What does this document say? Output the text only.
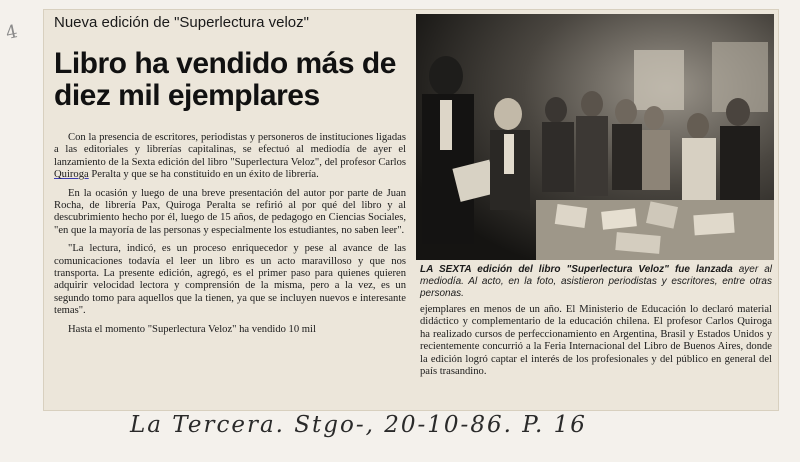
4 Nueva edición de "Superlectura veloz"
Libro ha vendido más de diez mil ejemplares

Con la presencia de escritores, periodistas y personeros de instituciones ligadas a las editoriales y librerías capitalinas, se efectuó al mediodía de ayer el lanzamiento de la Sexta edición del libro "Superlectura Veloz", del profesor Carlos Quiroga Peralta y que se ha constituido en un éxito de librería.

En la ocasión y luego de una breve presentación del autor por parte de Juan Rocha, de librería Pax, Quiroga Peralta se refirió al por qué del libro y al descubrimiento hecho por él, luego de 15 años, de pedagogo en Ciencias Sociales, "en que la mayoría de las personas y especialmente los estudiantes, no saben leer".

"La lectura, indicó, es un proceso enriquecedor y pese al avance de las comunicaciones todavía el leer un libro es un acto maravilloso y que nos transporta. La presente edición, agregó, es el primer paso para quienes quieren adquirir velocidad lectora y comprensión de la misma, pero a la vez, es un segundo tomo para aquellos que la tienen, ya que se incluyen nuevos e interesante temas".

Hasta el momento "Superlectura Veloz" ha vendido 10 mil

LA SEXTA edición del libro "Superlectura Veloz" fue lanzada ayer al mediodía. Al acto, en la foto, asistieron periodistas y escritores, entre otras personas.

ejemplares en menos de un año. El Ministerio de Educación lo declaró material didáctico y complementario de la educación chilena. El profesor Carlos Quiroga ha realizado cursos de perfeccionamiento en Argentina, Brasil y Estados Unidos y recientemente concurrió a la Feria Internacional del Libro de Buenos Aires, donde la edición logró captar el interés de los profesionales y del público en general del país trasandino.

La Tercera. Stgo-, 20-10-86. P. 16
